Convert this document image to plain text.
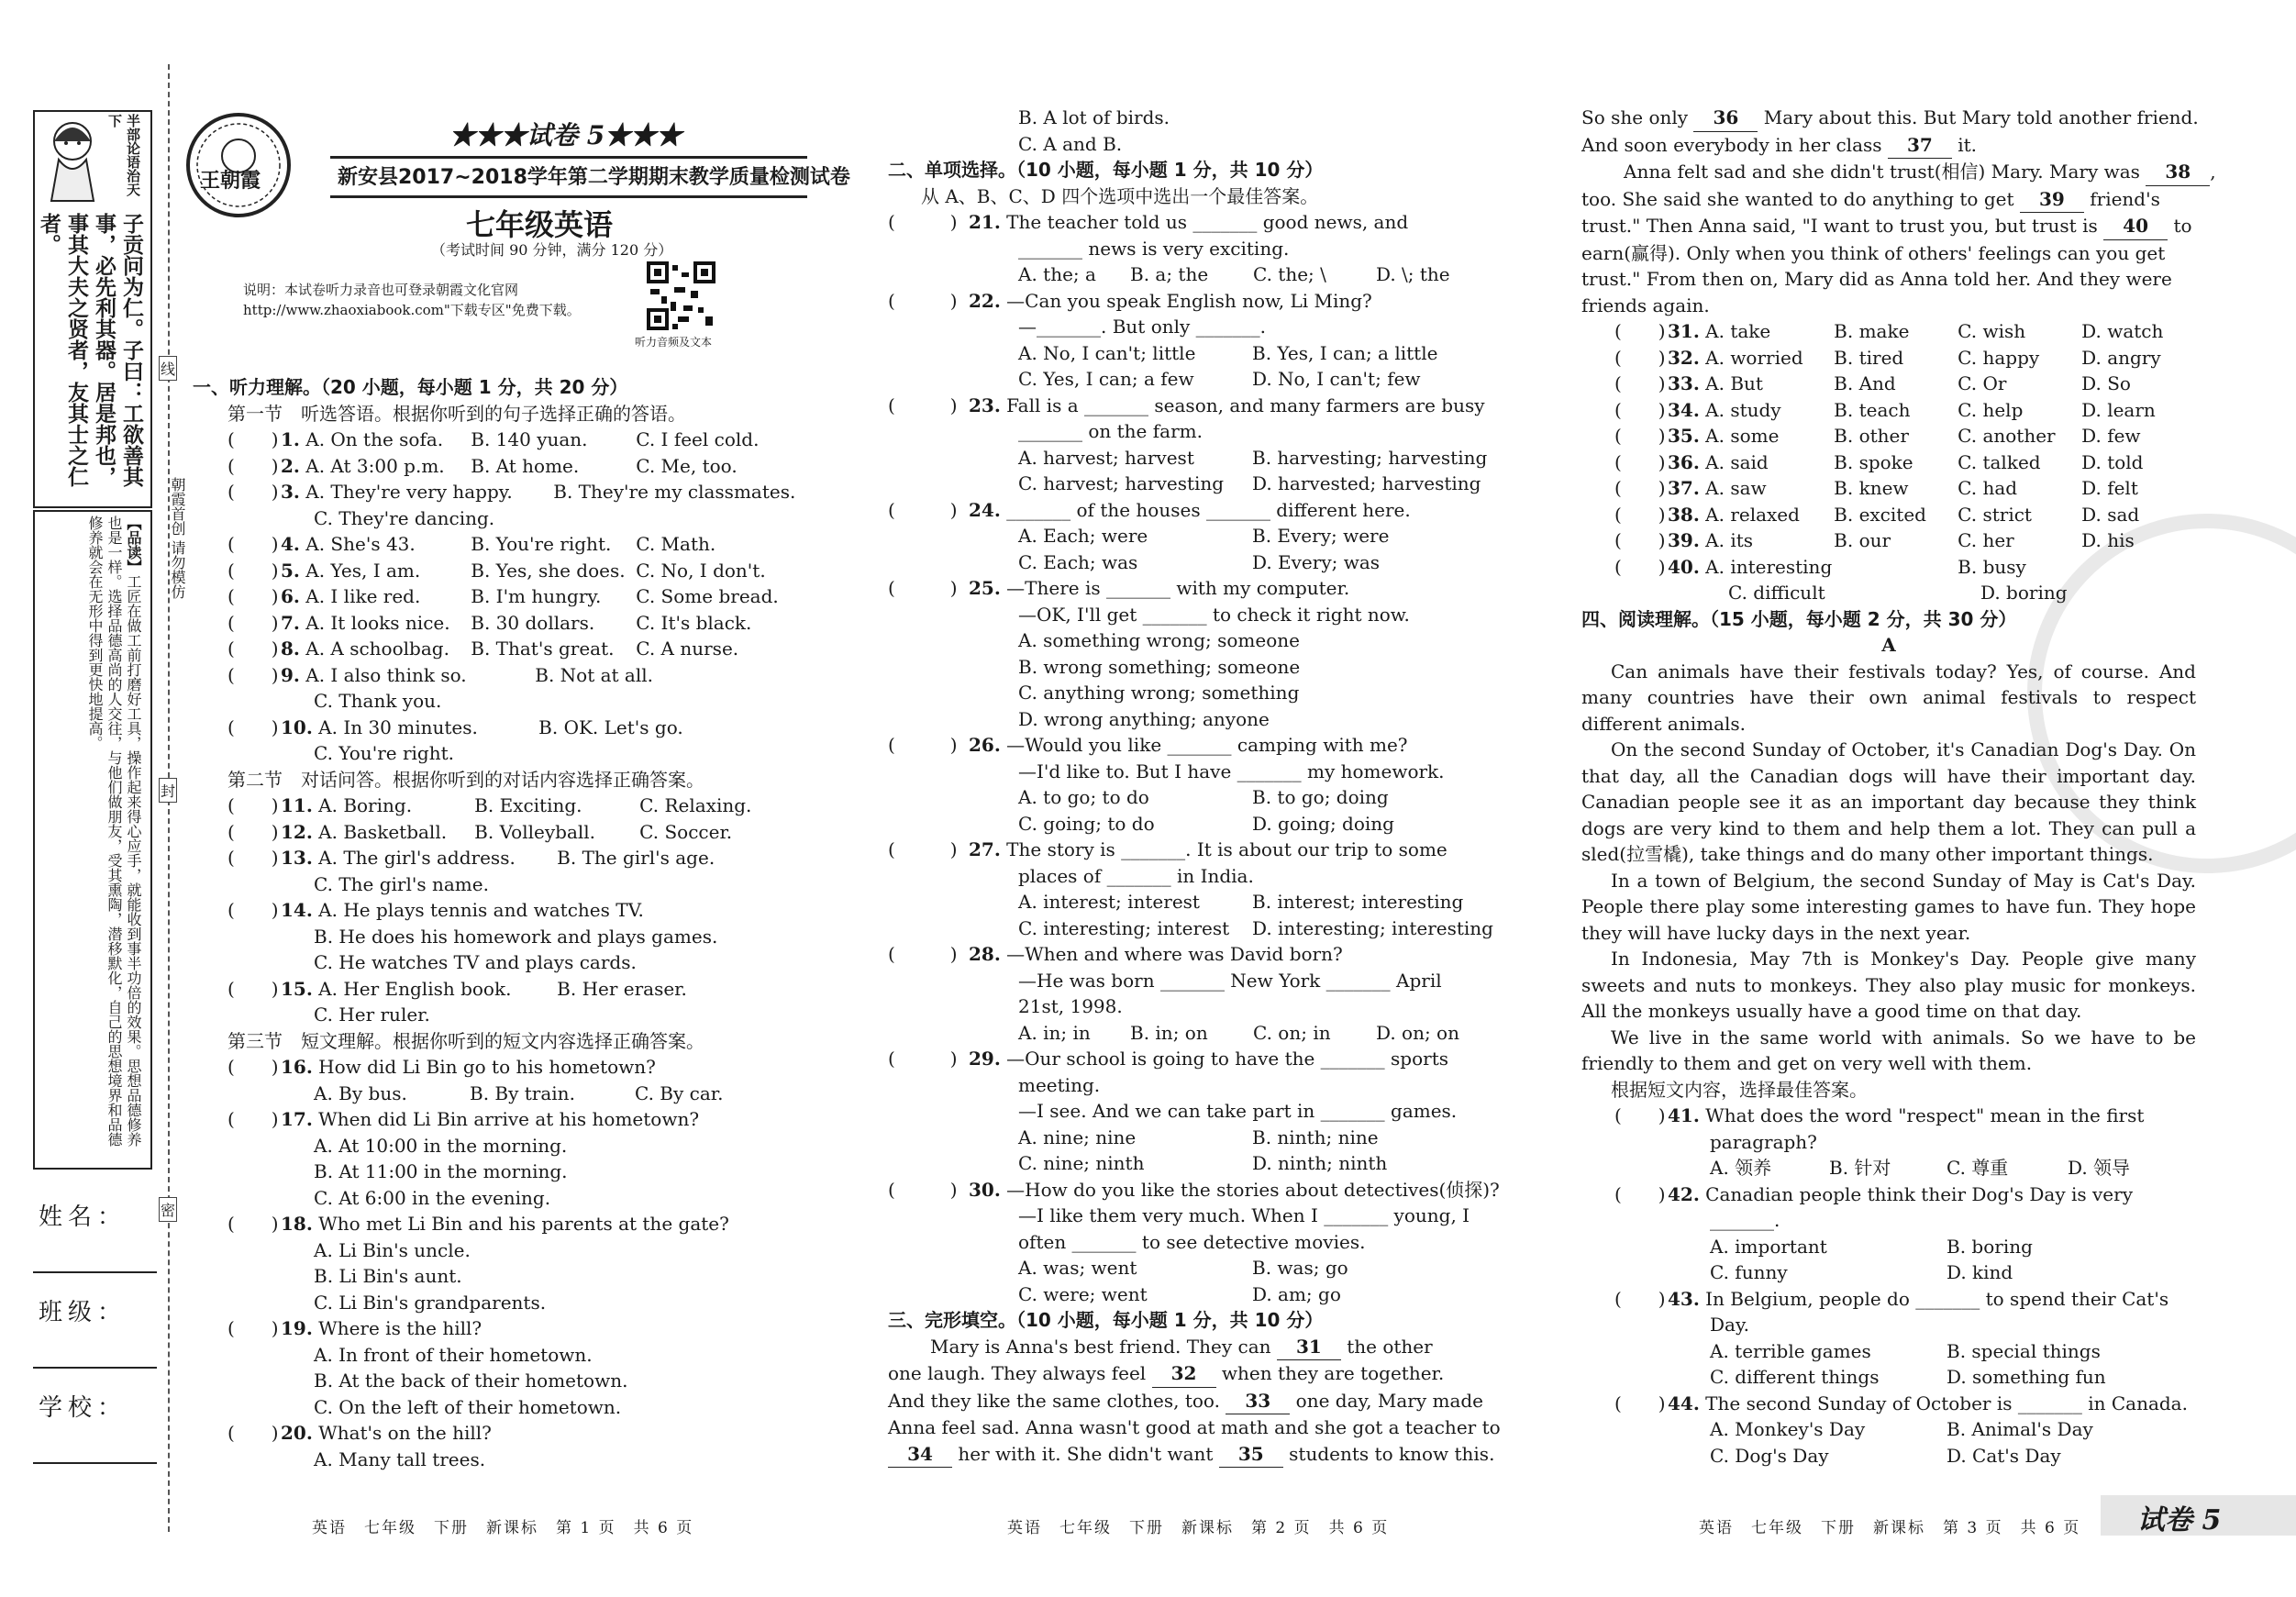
半部论语治天下
子贡问为仁。子曰：工欲善其事，必先利其器。居是邦也，事其大夫之贤者，友其士之仁者。
【品读】工匠在做工前打磨好工具，操作起来得心应手，就能收到事半功倍的效果。思想品德修养也是一样。选择品德高尚的人交往，与他们做朋友，受其熏陶，潜移默化，自己的思想境界和品德修养就会在无形中得到更快地提高。
姓名：
班级：
学校：
朝霞首创 请勿模仿
线
封
密
王朝霞
★★★试卷 5★★★
新安县2017~2018学年第二学期期末教学质量检测试卷
七年级英语
（考试时间 90 分钟，满分 120 分）
说明：本试卷听力录音也可登录朝霞文化官网 http://www.zhaoxiabook.com"下载专区"免费下载。
听力音频及文本
一、听力理解。（20 小题，每小题 1 分，共 20 分）
第一节　听选答语。根据你听到的句子选择正确的答语。
(　　) 1. A. On the sofa. B. 140 yuan.	C. I feel cold.
(　　) 2. A. At 3:00 p.m. B. At home.	C. Me, too.
(　　) 3. A. They're very happy. B. They're my classmates.
C. They're dancing.
(　　) 4. A. She's 43.	B. You're right. C. Math.
(　　) 5. A. Yes, I am.	B. Yes, she does. C. No, I don't.
(　　) 6. A. I like red.	B. I'm hungry. C. Some bread.
(　　) 7. A. It looks nice. B. 30 dollars. C. It's black.
(　　) 8. A. A schoolbag. B. That's great. C. A nurse.
(　　) 9. A. I also think so.	B. Not at all.
C. Thank you.
(　　) 10. A. In 30 minutes.	B. OK. Let's go.
C. You're right.
第二节　对话问答。根据你听到的对话内容选择正确答案。
(　　) 11. A. Boring.	B. Exciting.	C. Relaxing.
(　　) 12. A. Basketball. B. Volleyball. C. Soccer.
(　　) 13. A. The girl's address. B. The girl's age.
C. The girl's name.
(　　) 14. A. He plays tennis and watches TV.
B. He does his homework and plays games.
C. He watches TV and plays cards.
(　　) 15. A. Her English book. B. Her eraser.
C. Her ruler.
第三节　短文理解。根据你听到的短文内容选择正确答案。
(　　) 16. How did Li Bin go to his hometown?
A. By bus.	B. By train.	C. By car.
(　　) 17. When did Li Bin arrive at his hometown?
A. At 10:00 in the morning.
B. At 11:00 in the morning.
C. At 6:00 in the evening.
(　　) 18. Who met Li Bin and his parents at the gate?
A. Li Bin's uncle.
B. Li Bin's aunt.
C. Li Bin's grandparents.
(　　) 19. Where is the hill?
A. In front of their hometown.
B. At the back of their hometown.
C. On the left of their hometown.
(　　) 20. What's on the hill?
A. Many tall trees.
英语　七年级　下册　新课标　第 1 页　共 6 页
B. A lot of birds.
C. A and B.
二、单项选择。（10 小题，每小题 1 分，共 10 分）
从 A、B、C、D 四个选项中选出一个最佳答案。
(　　　) 21. The teacher told us _______ good news, and
_______ news is very exciting.
A. the; a B. a; the C. the; \	D. \; the
(　　　) 22. —Can you speak English now, Li Ming?
—_______. But only _______.
A. No, I can't; little	B. Yes, I can; a little
C. Yes, I can; a few	D. No, I can't; few
(　　　) 23. Fall is a _______ season, and many farmers are busy
_______ on the farm.
A. harvest; harvest	B. harvesting; harvesting
C. harvest; harvesting D. harvested; harvesting
(　　　) 24. _______ of the houses _______ different here.
A. Each; were	B. Every; were
C. Each; was	D. Every; was
(　　　) 25. —There is _______ with my computer.
—OK, I'll get _______ to check it right now.
A. something wrong; someone
B. wrong something; someone
C. anything wrong; something
D. wrong anything; anyone
(　　　) 26. —Would you like _______ camping with me?
—I'd like to. But I have _______ my homework.
A. to go; to do	B. to go; doing
C. going; to do	D. going; doing
(　　　) 27. The story is _______. It is about our trip to some
places of _______ in India.
A. interest; interest	B. interest; interesting
C. interesting; interest D. interesting; interesting
(　　　) 28. —When and where was David born?
—He was born _______ New York _______ April
21st, 1998.
A. in; in B. in; on C. on; in D. on; on
(　　　) 29. —Our school is going to have the _______ sports
meeting.
—I see. And we can take part in _______ games.
A. nine; nine	B. ninth; nine
C. nine; ninth	D. ninth; ninth
(　　　) 30. —How do you like the stories about detectives(侦探)?
—I like them very much. When I _______ young, I
often _______ to see detective movies.
A. was; went	B. was; go
C. were; went	D. am; go
三、完形填空。（10 小题，每小题 1 分，共 10 分）
Mary is Anna's best friend. They can 31 the other
one laugh. They always feel 32 when they are together.
And they like the same clothes, too. 33 one day, Mary made
Anna feel sad. Anna wasn't good at math and she got a teacher to
34 her with it. She didn't want 35 students to know this.
英语　七年级　下册　新课标　第 2 页　共 6 页
So she only 36 Mary about this. But Mary told another friend.
And soon everybody in her class 37 it.
Anna felt sad and she didn't trust(相信) Mary. Mary was 38 ,
too. She said she wanted to do anything to get 39 friend's
trust." Then Anna said, "I want to trust you, but trust is 40 to
earn(赢得). Only when you think of others' feelings can you get
trust." From then on, Mary did as Anna told her. And they were
friends again.
(　　) 31. A. take	B. make	C. wish	D. watch
(　　) 32. A. worried B. tired	C. happy D. angry
(　　) 33. A. But	B. And	C. Or	D. So
(　　) 34. A. study	B. teach	C. help	D. learn
(　　) 35. A. some	B. other	C. another D. few
(　　) 36. A. said	B. spoke C. talked D. told
(　　) 37. A. saw	B. knew	C. had	D. felt
(　　) 38. A. relaxed B. excited C. strict	D. sad
(　　) 39. A. its	B. our	C. her	D. his
(　　) 40. A. interesting	B. busy
C. difficult	D. boring
四、阅读理解。（15 小题，每小题 2 分，共 30 分）
A
Can animals have their festivals today? Yes, of course. And many countries have their own animal festivals to respect different animals.
On the second Sunday of October, it's Canadian Dog's Day. On that day, all the Canadian dogs will have their important day. Canadian people see it as an important day because they think dogs are very kind to them and help them a lot. They can pull a sled(拉雪橇), take things and do many other important things.
In a town of Belgium, the second Sunday of May is Cat's Day. People there play some interesting games to have fun. They hope they will have lucky days in the next year.
In Indonesia, May 7th is Monkey's Day. People give many sweets and nuts to monkeys. They also play music for monkeys. All the monkeys usually have a good time on that day.
We live in the same world with animals. So we have to be friendly to them and get on very well with them.
根据短文内容，选择最佳答案。
(　　) 41. What does the word "respect" mean in the first
paragraph?
A. 领养	B. 针对	C. 尊重	D. 领导
(　　) 42. Canadian people think their Dog's Day is very
_______.
A. important	B. boring
C. funny	D. kind
(　　) 43. In Belgium, people do _______ to spend their Cat's
Day.
A. terrible games	B. special things
C. different things	D. something fun
(　　) 44. The second Sunday of October is _______ in Canada.
A. Monkey's Day	B. Animal's Day
C. Dog's Day	D. Cat's Day
英语　七年级　下册　新课标　第 3 页　共 6 页 试卷 5
